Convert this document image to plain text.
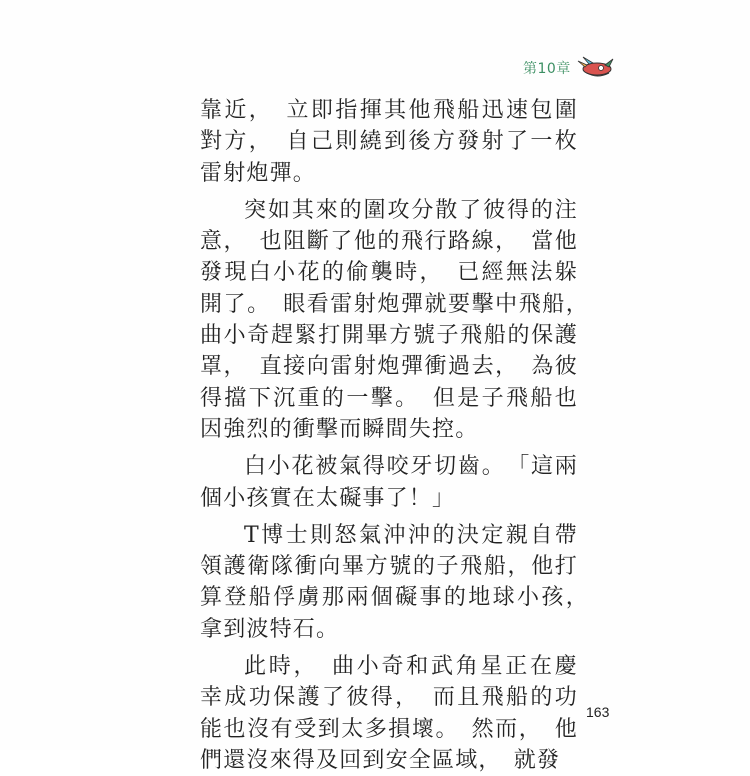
第10章

靠近，　立即指揮其他飛船迅速包圍對方，　自己則繞到後方發射了一枚雷射炮彈。

突如其來的圍攻分散了彼得的注意，　也阻斷了他的飛行路線，　當他發現白小花的偷襲時，　已經無法躲開了。　眼看雷射炮彈就要擊中飛船，　曲小奇趕緊打開畢方號子飛船的保護罩，　直接向雷射炮彈衝過去，　為彼得擋下沉重的一擊。　但是子飛船也因強烈的衝擊而瞬間失控。

白小花被氣得咬牙切齒。　「這兩個小孩實在太礙事了！」

T博士則怒氣沖沖的決定親自帶領護衛隊衝向畢方號的子飛船，他打算登船俘虜那兩個礙事的地球小孩，　拿到波特石。

此時，　曲小奇和武角星正在慶幸成功保護了彼得，　而且飛船的功能也沒有受到太多損壞。　然而，　他們還沒來得及回到安全區域，　就發

163
